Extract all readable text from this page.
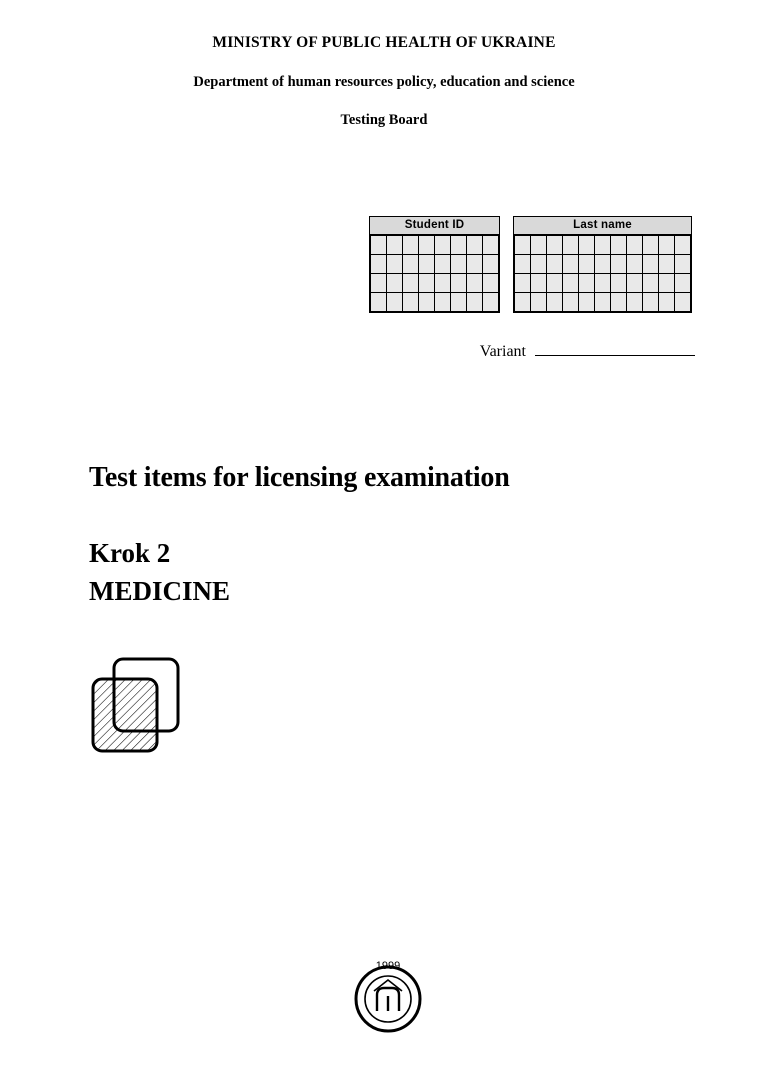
MINISTRY OF PUBLIC HEALTH OF UKRAINE
Department of human resources policy, education and science
Testing Board
Student ID

								Last name

Variant
Test items for licensing examination
Krok 2
MEDICINE
1999
